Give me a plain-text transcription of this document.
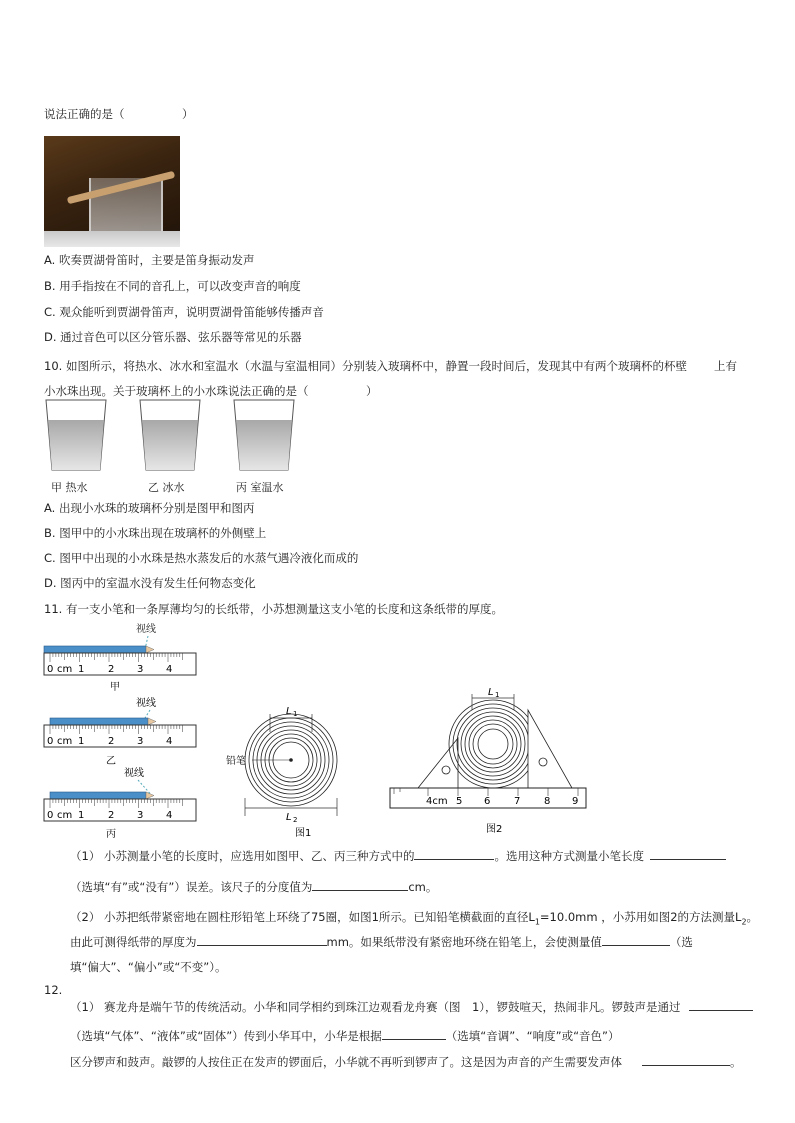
说法正确的是（　　　　　）
A. 吹奏贾湖骨笛时，主要是笛身振动发声
B. 用手指按在不同的音孔上，可以改变声音的响度
C. 观众能听到贾湖骨笛声，说明贾湖骨笛能够传播声音
D. 通过音色可以区分管乐器、弦乐器等常见的乐器
10. 如图所示，将热水、冰水和室温水（水温与室温相同）分别装入玻璃杯中，静置一段时间后，发现其中有两个玻璃杯的杯壁 上有
小水珠出现。关于玻璃杯上的小水珠说法正确的是（　　　　　）
甲 热水	乙 冰水	丙 室温水
A. 出现小水珠的玻璃杯分别是图甲和图丙
B. 图甲中的小水珠出现在玻璃杯的外侧壁上
C. 图甲中出现的小水珠是热水蒸发后的水蒸气遇冷液化而成的
D. 图丙中的室温水没有发生任何物态变化
11. 有一支小笔和一条厚薄均匀的长纸带，小苏想测量这支小笔的长度和这条纸带的厚度。
视线
0 cm 1 2 3 4
甲
视线
0 cm 1 2 3 4
乙
视线
0 cm 1 2 3 4
丙
L 1
铅笔
L 2
图1
L 1
4cm 5 6 7 8 9
图2
（1） 小苏测量小笔的长度时，应选用如图甲、乙、丙三种方式中的	。选用这种方式测量小笔长度
（选填“有”或“没有”）误差。该尺子的分度值为	cm。
（2） 小苏把纸带紧密地在圆柱形铅笔上环绕了75圈，如图1所示。已知铅笔横截面的直径$L_1=10.0mm$ ，小苏用如图2的方法测量$L_2$。
由此可测得纸带的厚度为	mm。如果纸带没有紧密地环绕在铅笔上，会使测量值	（选
填“偏大”、“偏小”或“不变”）。
12.
（1） 赛龙舟是端午节的传统活动。小华和同学相约到珠江边观看龙舟赛（图　1），锣鼓喧天，热闹非凡。锣鼓声是通过
（选填“气体”、“液体”或“固体”）传到小华耳中，小华是根据	（选填“音调”、“响度”或“音色”）
区分锣声和鼓声。敲锣的人按住正在发声的锣面后，小华就不再听到锣声了。这是因为声音的产生需要发声体	。
